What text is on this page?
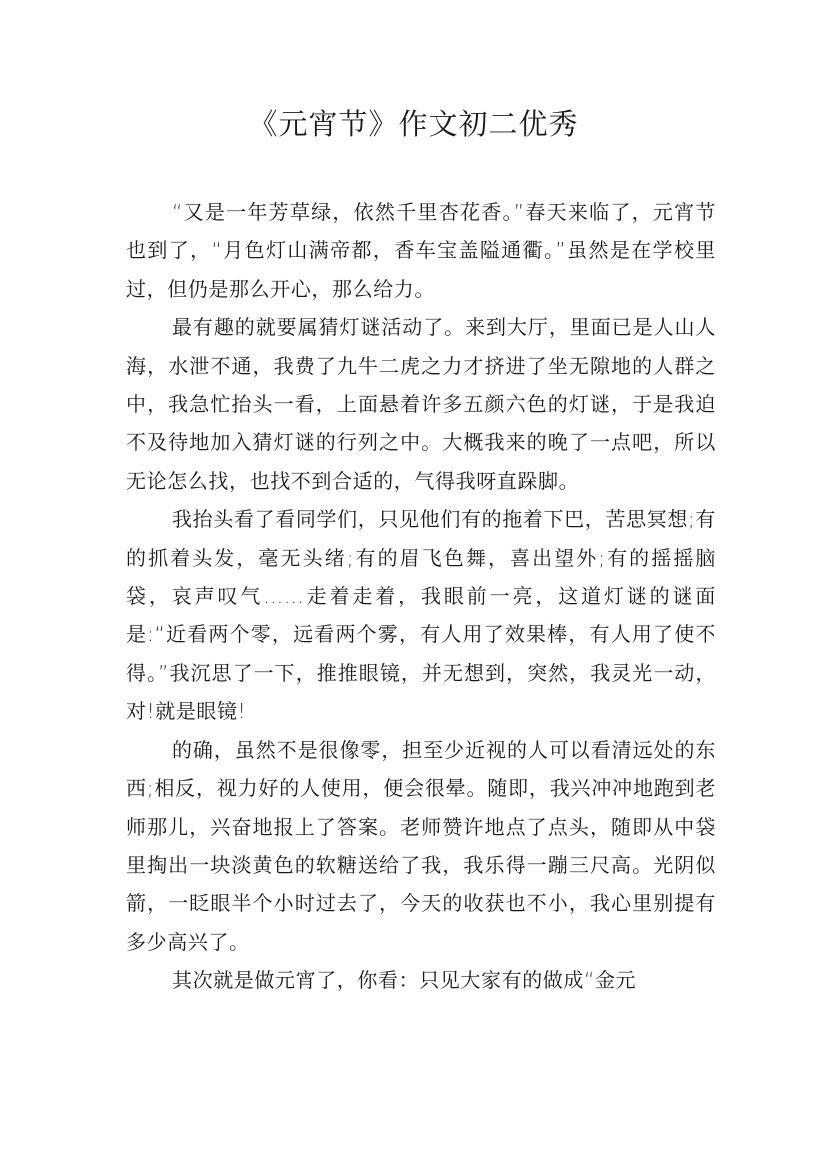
《元宵节》作文初二优秀

“又是一年芳草绿，依然千里杏花香。”春天来临了，元宵节也到了，“月色灯山满帝都，香车宝盖隘通衢。”虽然是在学校里过，但仍是那么开心，那么给力。

最有趣的就要属猜灯谜活动了。来到大厅，里面已是人山人海，水泄不通，我费了九牛二虎之力才挤进了坐无隙地的人群之中，我急忙抬头一看，上面悬着许多五颜六色的灯谜，于是我迫不及待地加入猜灯谜的行列之中。大概我来的晚了一点吧，所以无论怎么找，也找不到合适的，气得我呀直跺脚。

我抬头看了看同学们，只见他们有的拖着下巴，苦思冥想;有的抓着头发，毫无头绪;有的眉飞色舞，喜出望外;有的摇摇脑袋，哀声叹气……走着走着，我眼前一亮，这道灯谜的谜面是:“近看两个零，远看两个雾，有人用了效果棒，有人用了使不得。”我沉思了一下，推推眼镜，并无想到，突然，我灵光一动，对!就是眼镜!

的确，虽然不是很像零，担至少近视的人可以看清远处的东西;相反，视力好的人使用，便会很晕。随即，我兴冲冲地跑到老师那儿，兴奋地报上了答案。老师赞许地点了点头，随即从中袋里掏出一块淡黄色的软糖送给了我，我乐得一蹦三尺高。光阴似箭，一眨眼半个小时过去了，今天的收获也不小，我心里别提有多少高兴了。

其次就是做元宵了，你看：只见大家有的做成“金元
